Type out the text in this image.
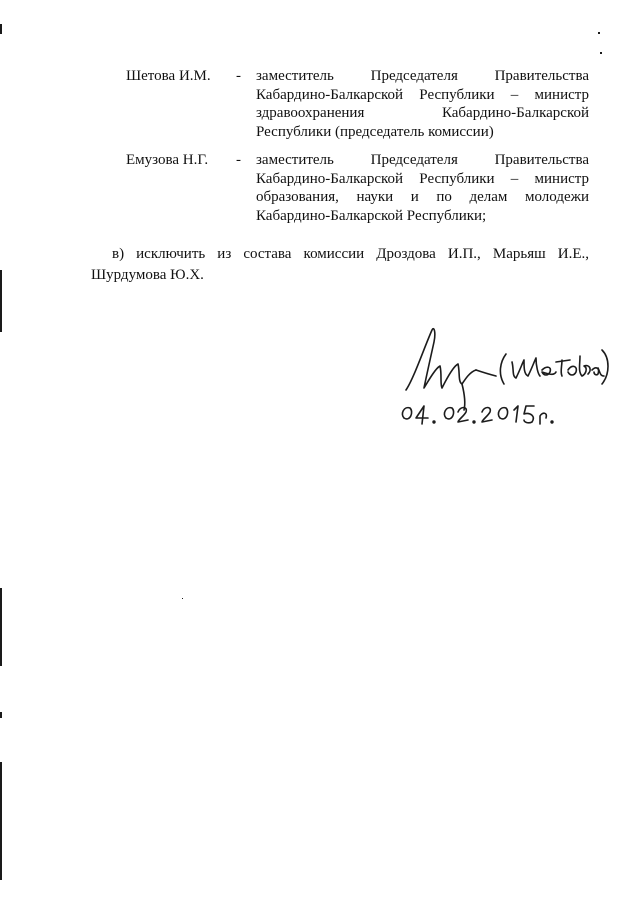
Шетова И.М. - заместитель Председателя Правительства
Кабардино-Балкарской Республики – министр
здравоохранения Кабардино-Балкарской
Республики (председатель комиссии)
Емузова Н.Г. - заместитель Председателя Правительства
Кабардино-Балкарской Республики – министр
образования, науки и по делам молодежи
Кабардино-Балкарской Республики;
в) исключить из состава комиссии Дроздова И.П., Марьяш И.Е.,
Шурдумова Ю.Х.
